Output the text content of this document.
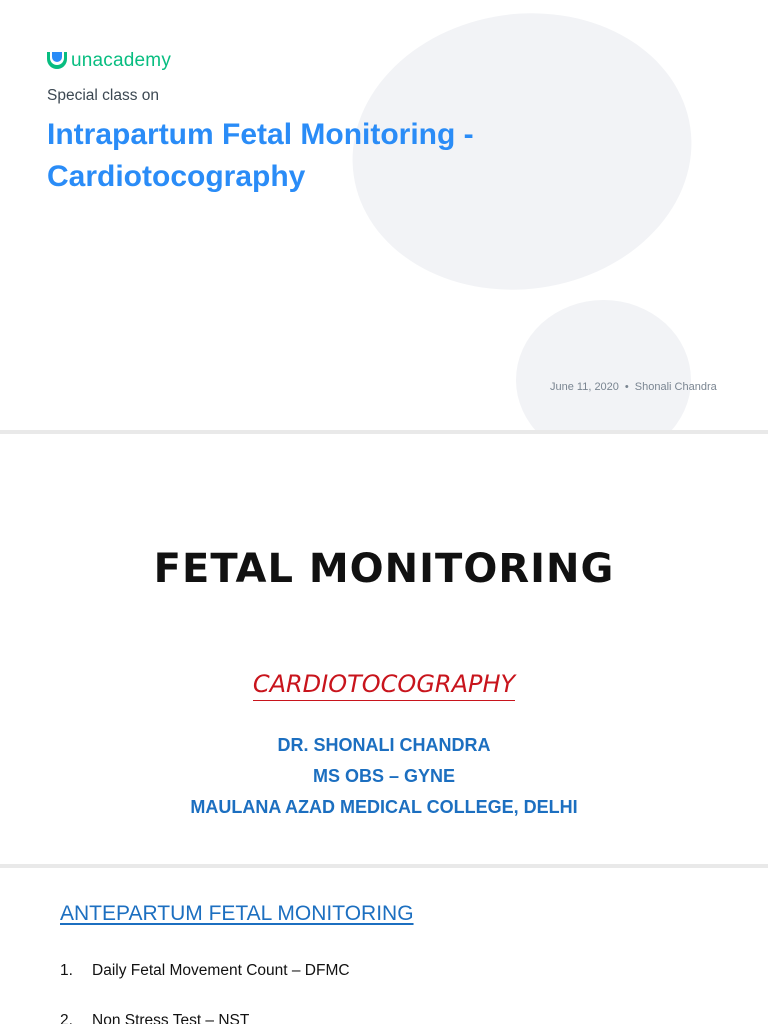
unacademy
Special class on
Intrapartum Fetal Monitoring -
Cardiotocography
June 11, 2020 • Shonali Chandra
FETAL MONITORING
CARDIOTOCOGRAPHY
DR. SHONALI CHANDRA
MS OBS – GYNE
MAULANA AZAD MEDICAL COLLEGE, DELHI
ANTEPARTUM FETAL MONITORING
1.	Daily Fetal Movement Count – DFMC
2.	Non Stress Test – NST
